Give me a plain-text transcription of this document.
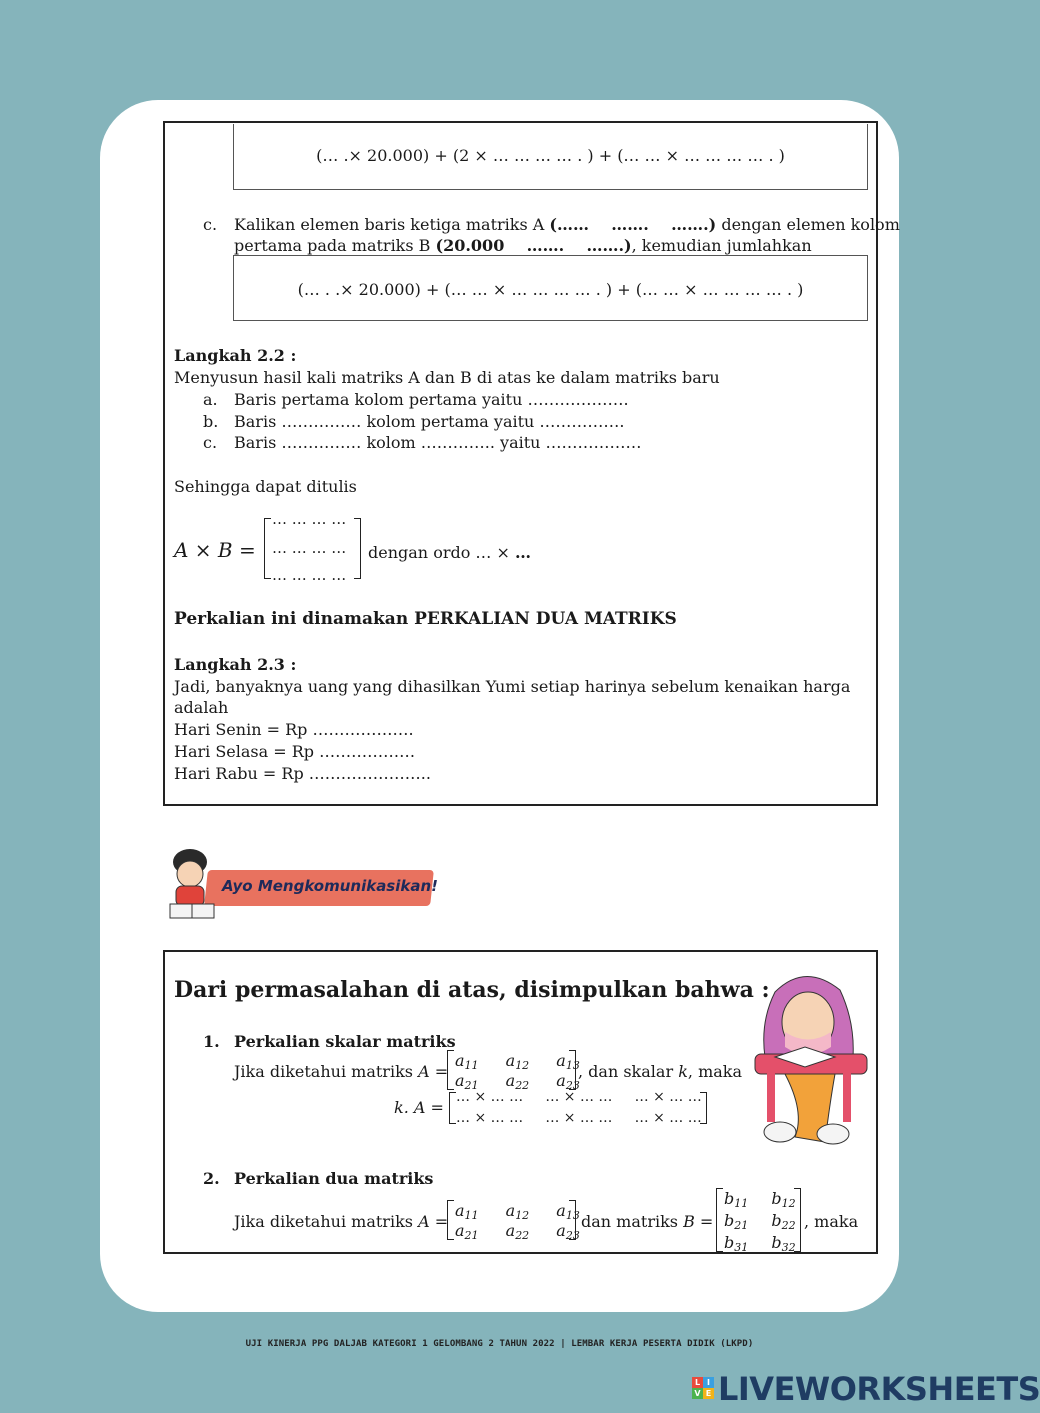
(… .× 20.000) + (2 × … … … … . ) + (… … × … … … … . )
c. Kalikan elemen baris ketiga matriks A (……    …….    …….) dengan elemen kolom
pertama pada matriks B (20.000    …….    …….), kemudian jumlahkan
(… . .× 20.000) + (… … × … … … … . ) + (… … × … … … … . )
Langkah 2.2 :
Menyusun hasil kali matriks A dan B di atas ke dalam matriks baru
a. Baris pertama kolom pertama yaitu ……………….
b. Baris …………… kolom pertama yaitu …………….
c. Baris …………… kolom ………….. yaitu ………………
Sehingga dapat ditulis
A × B =
… … … …
… … … …
… … … …
dengan ordo … × …
Perkalian ini dinamakan PERKALIAN DUA MATRIKS
Langkah 2.3 :
Jadi, banyaknya uang yang dihasilkan Yumi setiap harinya sebelum kenaikan harga
adalah
Hari Senin = Rp ……………….
Hari Selasa = Rp ………………
Hari Rabu = Rp …………………..
Ayo Mengkomunikasikan!
Dari permasalahan di atas, disimpulkan bahwa :
1. Perkalian skalar matriks
Jika diketahui matriks A =
$a_{11}$ $a_{12}$ $a_{13}$
$a_{21}$ $a_{22}$ $a_{23}$
, dan skalar k, maka
k. A =
… × … …     … × … …     … × … …
… × … …     … × … …     … × … …
2. Perkalian dua matriks
Jika diketahui matriks A =
$a_{11}$ $a_{12}$ $a_{13}$
$a_{21}$ $a_{22}$ $a_{23}$
dan matriks B =
$b_{11}$ $b_{12}$
$b_{21}$ $b_{22}$
$b_{31}$ $b_{32}$
, maka
UJI KINERJA PPG DALJAB KATEGORI 1 GELOMBANG 2 TAHUN 2022 | LEMBAR KERJA PESERTA DIDIK (LKPD)
L I
V E LIVEWORKSHEETS
